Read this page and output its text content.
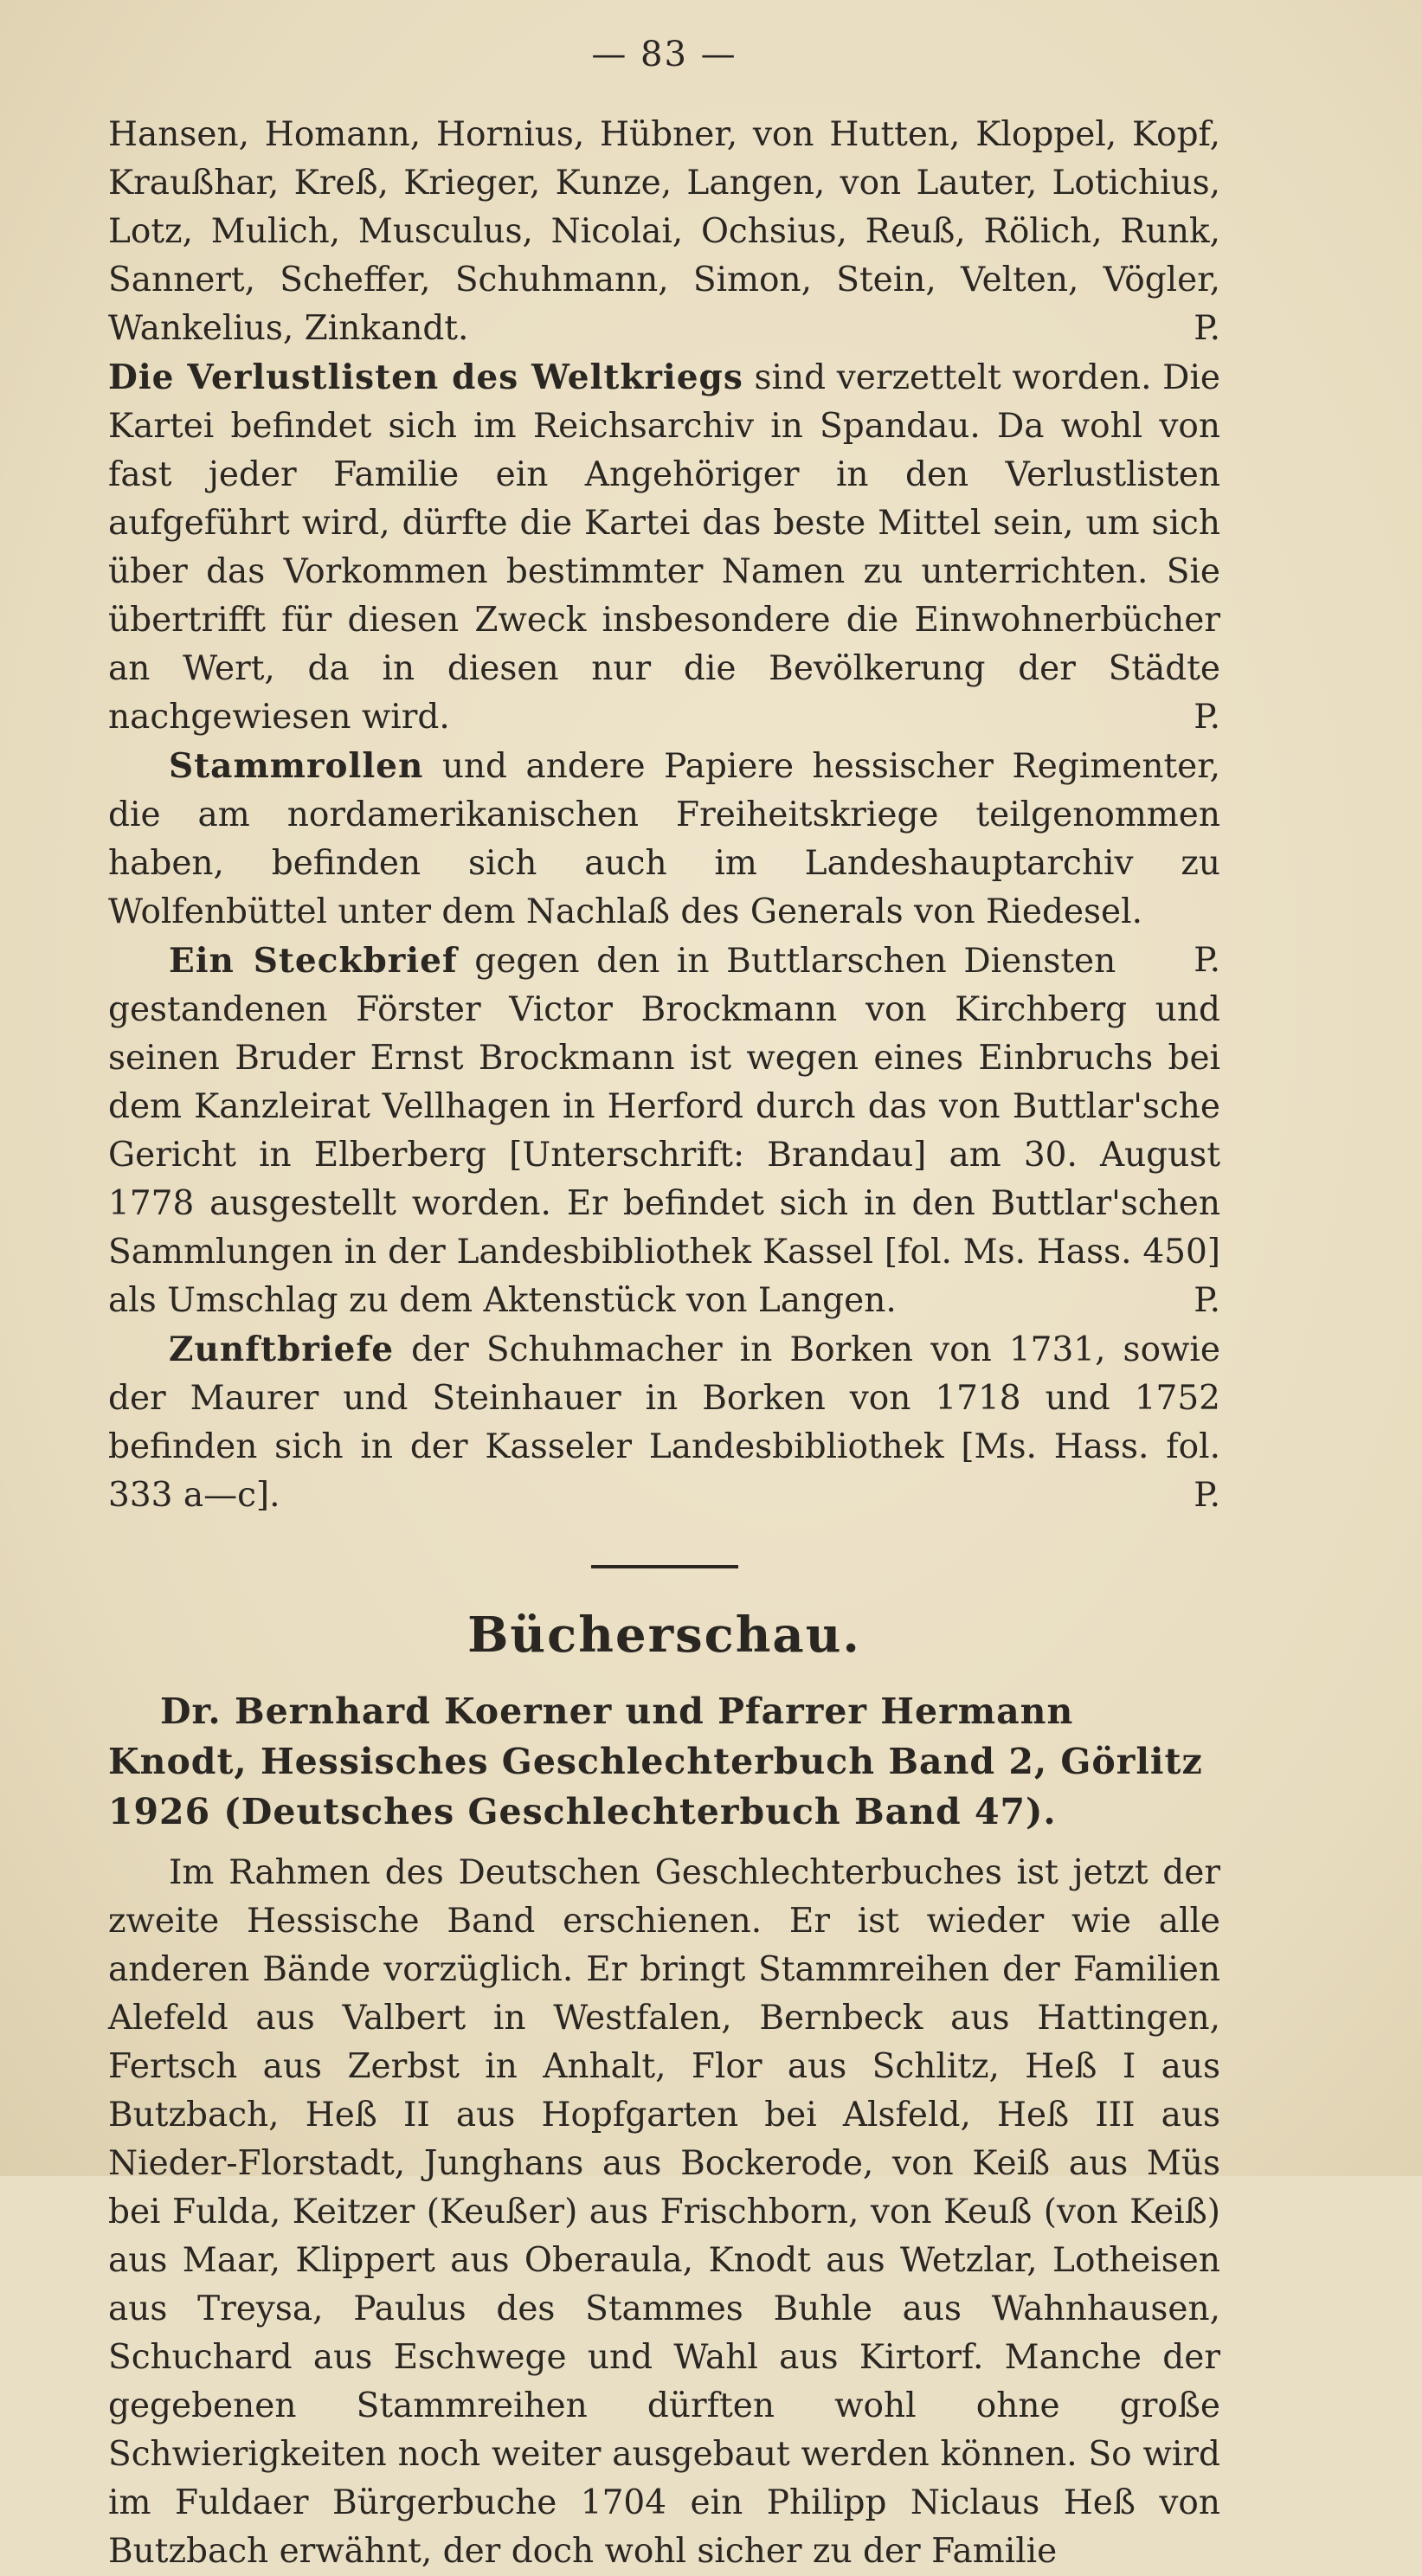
— 83 —

Hansen, Homann, Hornius, Hübner, von Hutten, Kloppel, Kopf, Kraußhar, Kreß, Krieger, Kunze, Langen, von Lauter, Lotichius, Lotz, Mulich, Musculus, Nicolai, Ochsius, Reuß, Rölich, Runk, Sannert, Scheffer, Schuhmann, Simon, Stein, Velten, Vögler, Wankelius, Zinkandt.	P.

Die Verlustlisten des Weltkriegs sind verzettelt worden. Die Kartei befindet sich im Reichsarchiv in Spandau. Da wohl von fast jeder Familie ein Angehöriger in den Verlustlisten aufgeführt wird, dürfte die Kartei das beste Mittel sein, um sich über das Vorkommen bestimmter Namen zu unterrichten. Sie übertrifft für diesen Zweck insbesondere die Einwohnerbücher an Wert, da in diesen nur die Bevölkerung der Städte nachgewiesen wird.	P.

Stammrollen und andere Papiere hessischer Regimenter, die am nordamerikanischen Freiheitskriege teilgenommen haben, befinden sich auch im Landeshauptarchiv zu Wolfenbüttel unter dem Nachlaß des Generals von Riedesel.
P.

Ein Steckbrief gegen den in Buttlarschen Diensten gestandenen Förster Victor Brockmann von Kirchberg und seinen Bruder Ernst Brockmann ist wegen eines Einbruchs bei dem Kanzleirat Vellhagen in Herford durch das von Buttlar'sche Gericht in Elberberg [Unterschrift: Brandau] am 30. August 1778 ausgestellt worden. Er befindet sich in den Buttlar'schen Sammlungen in der Landesbibliothek Kassel [fol. Ms. Hass. 450] als Umschlag zu dem Aktenstück von Langen.	P.

Zunftbriefe der Schuhmacher in Borken von 1731, sowie der Maurer und Steinhauer in Borken von 1718 und 1752 befinden sich in der Kasseler Landesbibliothek [Ms. Hass. fol. 333 a—c].	P.

Bücherschau.
Dr. Bernhard Koerner und Pfarrer Hermann Knodt, Hessisches Geschlechterbuch Band 2, Görlitz 1926 (Deutsches Geschlechterbuch Band 47).

Im Rahmen des Deutschen Geschlechterbuches ist jetzt der zweite Hessische Band erschienen. Er ist wieder wie alle anderen Bände vorzüglich. Er bringt Stammreihen der Familien Alefeld aus Valbert in Westfalen, Bernbeck aus Hattingen, Fertsch aus Zerbst in Anhalt, Flor aus Schlitz, Heß I aus Butzbach, Heß II aus Hopfgarten bei Alsfeld, Heß III aus Nieder-Florstadt, Junghans aus Bockerode, von Keiß aus Müs bei Fulda, Keitzer (Keußer) aus Frischborn, von Keuß (von Keiß) aus Maar, Klippert aus Oberaula, Knodt aus Wetzlar, Lotheisen aus Treysa, Paulus des Stammes Buhle aus Wahnhausen, Schuchard aus Eschwege und Wahl aus Kirtorf. Manche der gegebenen Stammreihen dürften wohl ohne große Schwierigkeiten noch weiter ausgebaut werden können. So wird im Fuldaer Bürgerbuche 1704 ein Philipp Niclaus Heß von Butzbach erwähnt, der doch wohl sicher zu der Familie
